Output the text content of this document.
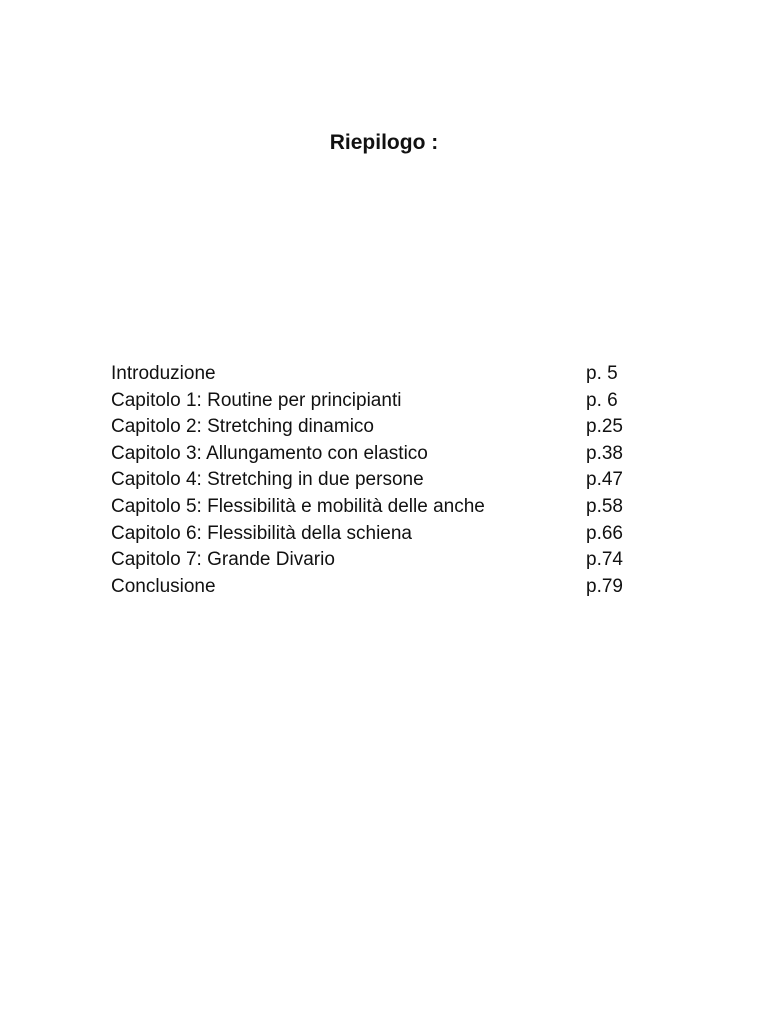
Riepilogo :
Introduzione	p. 5
Capitolo 1: Routine per principianti	p. 6
Capitolo 2: Stretching dinamico	p.25
Capitolo 3: Allungamento con elastico	p.38
Capitolo 4: Stretching in due persone	p.47
Capitolo 5: Flessibilità e mobilità delle anche	p.58
Capitolo 6: Flessibilità della schiena	p.66
Capitolo 7: Grande Divario	p.74
Conclusione	p.79
